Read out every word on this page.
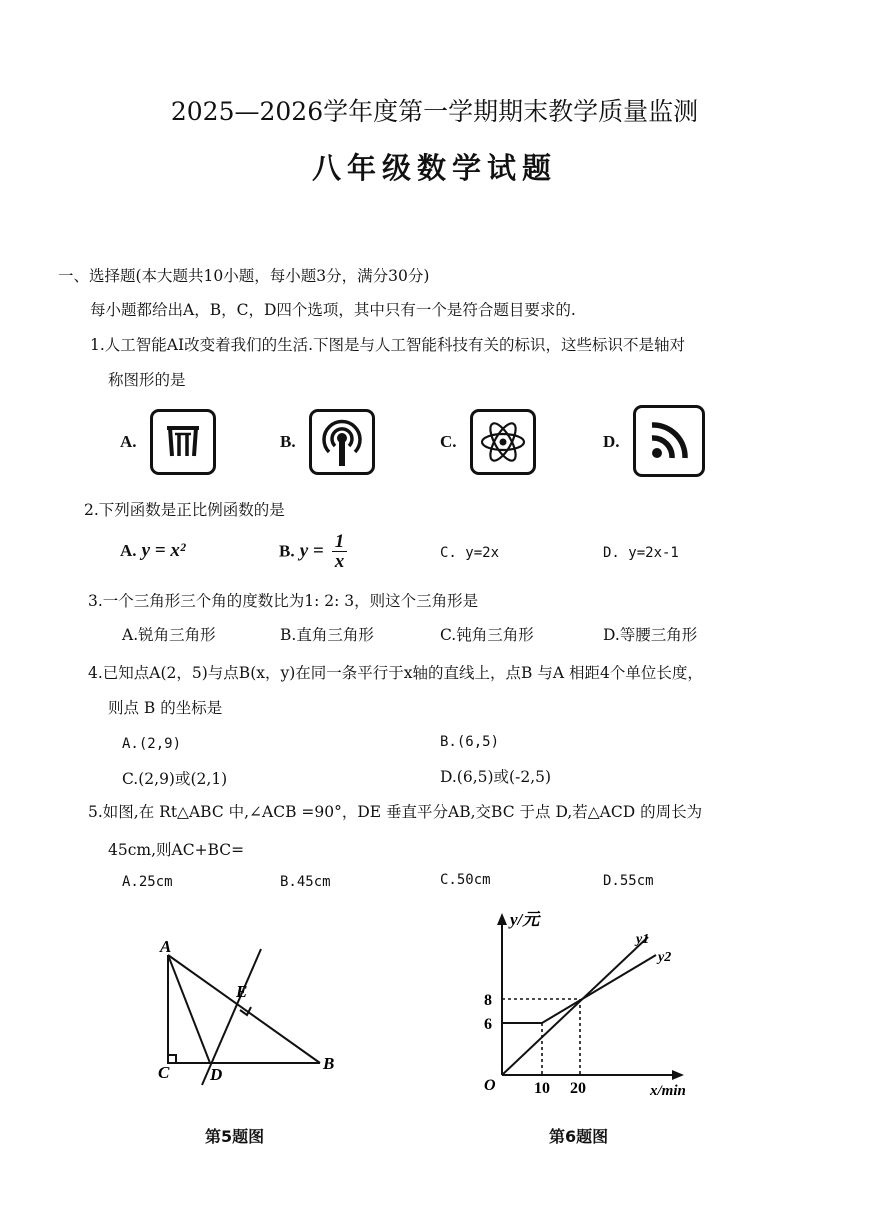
2025—2026学年度第一学期期末教学质量监测
八年级数学试题
一、选择题(本大题共10小题，每小题3分，满分30分)
每小题都给出A，B，C，D四个选项，其中只有一个是符合题目要求的.
1.人工智能AI改变着我们的生活.下图是与人工智能科技有关的标识，这些标识不是轴对
称图形的是
A.	B.	C.	D.
2.下列函数是正比例函数的是
A. y = x²	B. $y = \frac{1}{x}$	C. y=2x	D. y=2x-1
3.一个三角形三个角的度数比为1: 2: 3，则这个三角形是
A.锐角三角形	B.直角三角形	C.钝角三角形	D.等腰三角形
4.已知点A(2，5)与点B(x，y)在同一条平行于x轴的直线上，点B 与A 相距4个单位长度，
则点 B 的坐标是
A.(2,9)	B.(6,5)
C.(2,9)或(2,1)	D.(6,5)或(-2,5)
5.如图,在 Rt△ABC 中,∠ACB =90°，DE 垂直平分AB,交BC 于点 D,若△ACD 的周长为
45cm,则AC+BC=
A.25cm	B.45cm	C.50cm	D.55cm
A
C D
E
B
第5题图
y/元
x/min
O
8
6
10 20
y1
y2
第6题图
